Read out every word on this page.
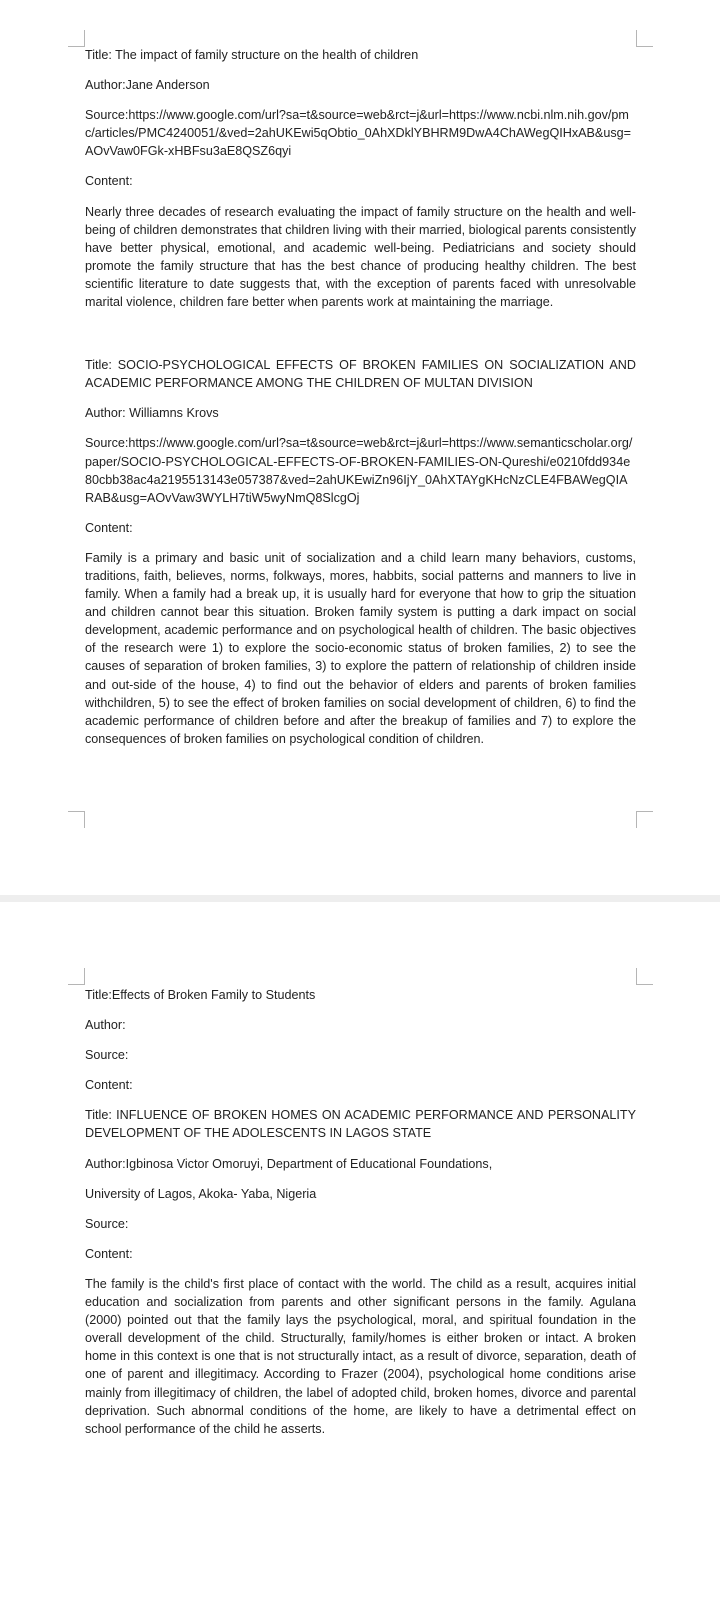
Title: The impact of family structure on the health of children

Author:Jane Anderson

Source:https://www.google.com/url?sa=t&source=web&rct=j&url=https://www.ncbi.nlm.nih.gov/pmc/articles/PMC4240051/&ved=2ahUKEwi5qObtio_0AhXDklYBHRM9DwA4ChAWegQIHxAB&usg=AOvVaw0FGk-xHBFsu3aE8QSZ6qyi

Content:

Nearly three decades of research evaluating the impact of family structure on the health and well-being of children demonstrates that children living with their married, biological parents consistently have better physical, emotional, and academic well-being. Pediatricians and society should promote the family structure that has the best chance of producing healthy children. The best scientific literature to date suggests that, with the exception of parents faced with unresolvable marital violence, children fare better when parents work at maintaining the marriage.

Title: SOCIO-PSYCHOLOGICAL EFFECTS OF BROKEN FAMILIES ON SOCIALIZATION AND ACADEMIC PERFORMANCE AMONG THE CHILDREN OF MULTAN DIVISION

Author: Williamns Krovs

Source:https://www.google.com/url?sa=t&source=web&rct=j&url=https://www.semanticscholar.org/paper/SOCIO-PSYCHOLOGICAL-EFFECTS-OF-BROKEN-FAMILIES-ON-Qureshi/e0210fdd934e80cbb38ac4a2195513143e057387&ved=2ahUKEwiZn96IjY_0AhXTAYgKHcNzCLE4FBAWegQIARAB&usg=AOvVaw3WYLH7tiW5wyNmQ8SlcgOj

Content:

Family is a primary and basic unit of socialization and a child learn many behaviors, customs, traditions, faith, believes, norms, folkways, mores, habbits, social patterns and manners to live in family. When a family had a break up, it is usually hard for everyone that how to grip the situation and children cannot bear this situation. Broken family system is putting a dark impact on social development, academic performance and on psychological health of children. The basic objectives of the research were 1) to explore the socio-economic status of broken families, 2) to see the causes of separation of broken families, 3) to explore the pattern of relationship of children inside and out-side of the house, 4) to find out the behavior of elders and parents of broken families withchildren, 5) to see the effect of broken families on social development of children, 6) to find the academic performance of children before and after the breakup of families and 7) to explore the consequences of broken families on psychological condition of children.

Title:Effects of Broken Family to Students

Author:

Source:

Content:

Title: INFLUENCE OF BROKEN HOMES ON ACADEMIC PERFORMANCE AND PERSONALITY DEVELOPMENT OF THE ADOLESCENTS IN LAGOS STATE

Author:Igbinosa Victor Omoruyi, Department of Educational Foundations,

University of Lagos, Akoka- Yaba, Nigeria

Source:

Content:

The family is the child's first place of contact with the world. The child as a result, acquires initial education and socialization from parents and other significant persons in the family. Agulana (2000) pointed out that the family lays the psychological, moral, and spiritual foundation in the overall development of the child. Structurally, family/homes is either broken or intact. A broken home in this context is one that is not structurally intact, as a result of divorce, separation, death of one of parent and illegitimacy. According to Frazer (2004), psychological home conditions arise mainly from illegitimacy of children, the label of adopted child, broken homes, divorce and parental deprivation. Such abnormal conditions of the home, are likely to have a detrimental effect on school performance of the child he asserts.
